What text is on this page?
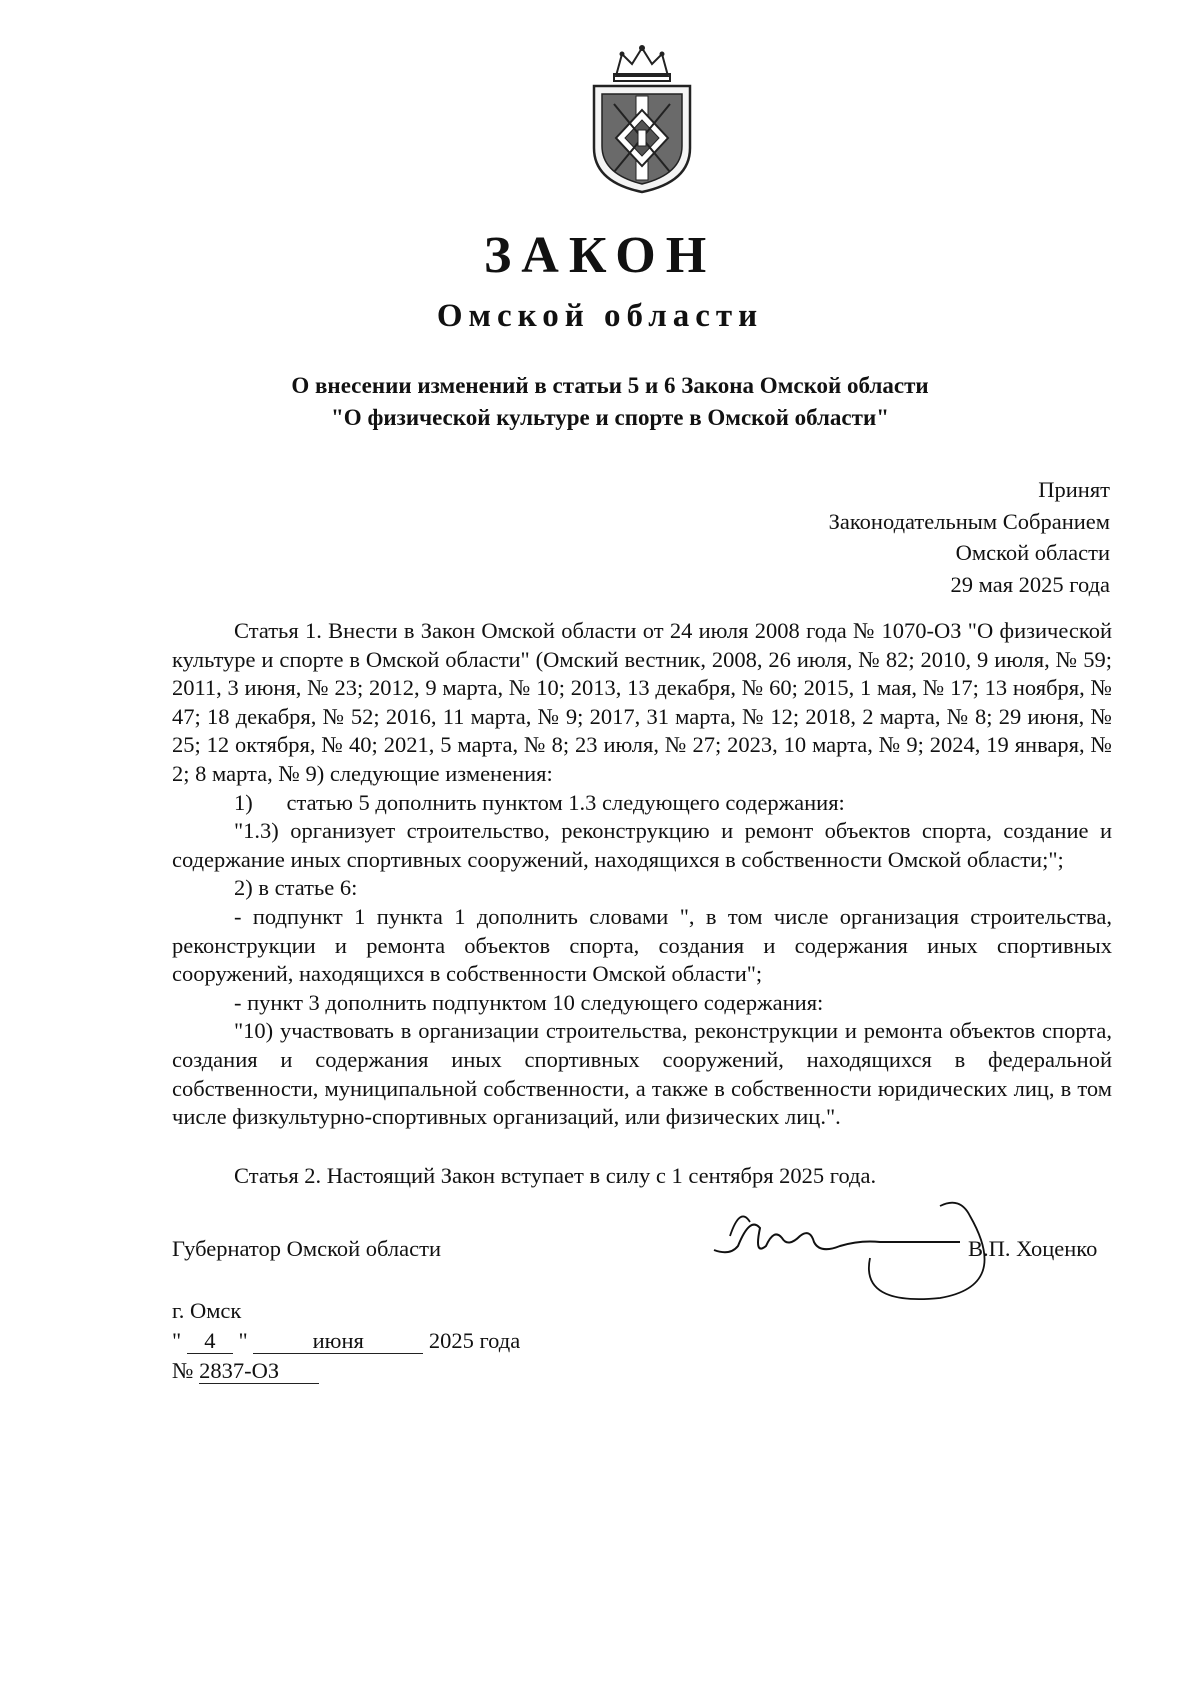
ЗАКОН
Омской области
О внесении изменений в статьи 5 и 6 Закона Омской области
"О физической культуре и спорте в Омской области"
Принят
Законодательным Собранием
Омской области
29 мая 2025 года

Статья 1. Внести в Закон Омской области от 24 июля 2008 года № 1070-ОЗ "О физической культуре и спорте в Омской области" (Омский вестник, 2008, 26 июля, № 82; 2010, 9 июля, № 59; 2011, 3 июня, № 23; 2012, 9 марта, № 10; 2013, 13 декабря, № 60; 2015, 1 мая, № 17; 13 ноября, № 47; 18 декабря, № 52; 2016, 11 марта, № 9; 2017, 31 марта, № 12; 2018, 2 марта, № 8; 29 июня, № 25; 12 октября, № 40; 2021, 5 марта, № 8; 23 июля, № 27; 2023, 10 марта, № 9; 2024, 19 января, № 2; 8 марта, № 9) следующие изменения:

1)      статью 5 дополнить пунктом 1.3 следующего содержания:

"1.3) организует строительство, реконструкцию и ремонт объектов спорта, создание и содержание иных спортивных сооружений, находящихся в собственности Омской области;";

2) в статье 6:

- подпункт 1 пункта 1 дополнить словами ", в том числе организация строительства, реконструкции и ремонта объектов спорта, создания и содержания иных спортивных сооружений, находящихся в собственности Омской области";

- пункт 3 дополнить подпунктом 10 следующего содержания:

"10) участвовать в организации строительства, реконструкции и ремонта объектов спорта, создания и содержания иных спортивных сооружений, находящихся в федеральной собственности, муниципальной собственности, а также в собственности юридических лиц, в том числе физкультурно-спортивных организаций, или физических лиц.".

Статья 2. Настоящий Закон вступает в силу с 1 сентября 2025 года.

Губернатор Омской области	В.П. Хоценко
г. Омск
" 4 "	июня	2025 года
№ 2837-ОЗ
